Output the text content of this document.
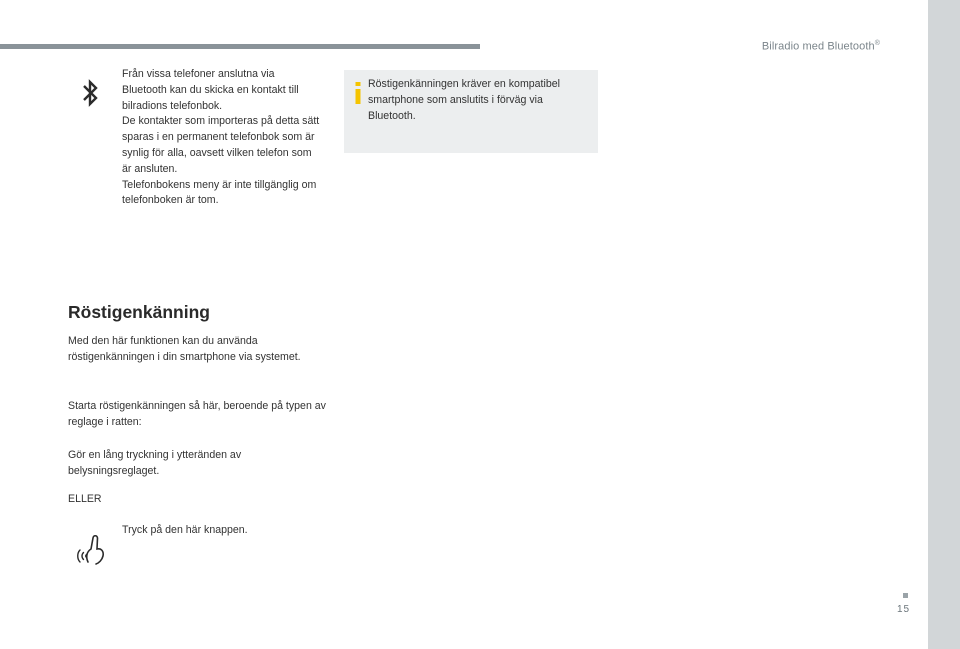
Bilradio med Bluetooth®

Från vissa telefoner anslutna via Bluetooth kan du skicka en kontakt till bilradions telefonbok.

De kontakter som importeras på detta sätt sparas i en permanent telefonbok som är synlig för alla, oavsett vilken telefon som är ansluten.

Telefonbokens meny är inte tillgänglig om telefonboken är tom.

Röstigenkänningen kräver en kompatibel smartphone som anslutits i förväg via Bluetooth.
Röstigenkänning

Med den här funktionen kan du använda röstigenkänningen i din smartphone via systemet.

Starta röstigenkänningen så här, beroende på typen av reglage i ratten:

Gör en lång tryckning i ytteränden av belysningsreglaget.

ELLER

Tryck på den här knappen.
15
